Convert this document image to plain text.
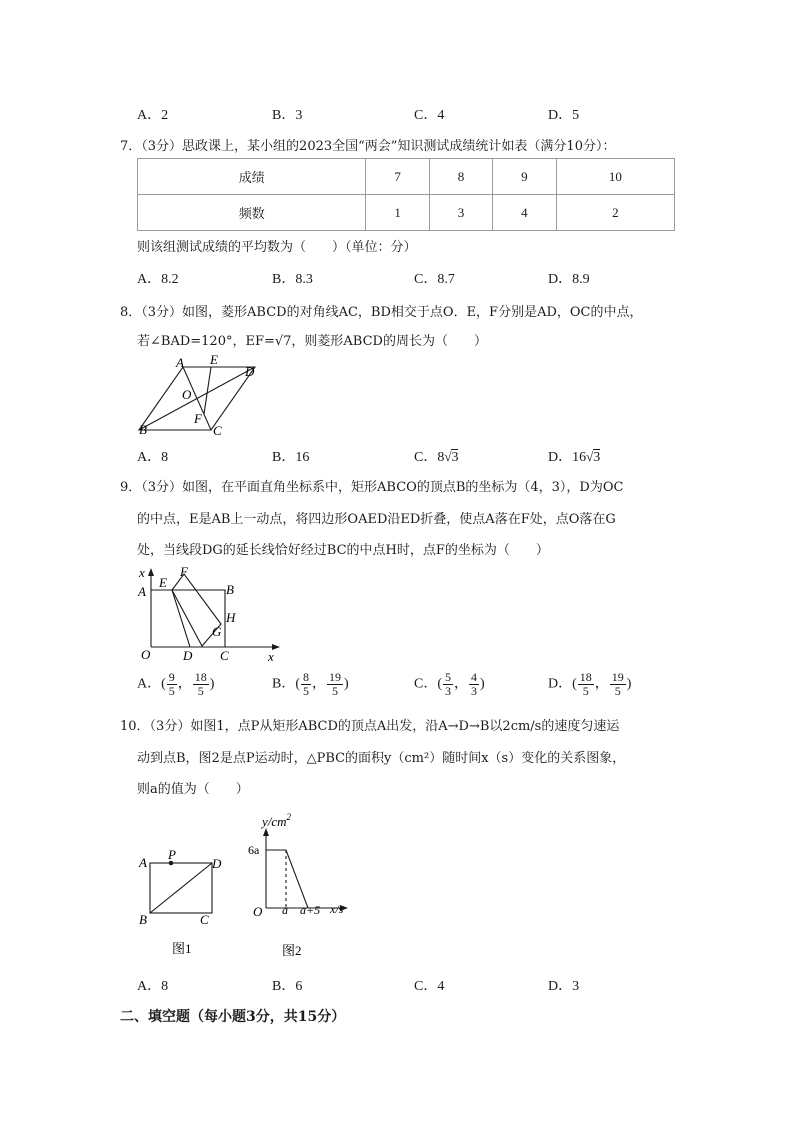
A．2	B．3	C．4	D．5
7．（3分）思政课上，某小组的2023全国“两会”知识测试成绩统计如表（满分10分）：
成绩	7	8	9	10
频数	1	3	4	2
则该组测试成绩的平均数为（　　）（单位：分）
A．8.2	B．8.3	C．8.7	D．8.9
8．（3分）如图，菱形ABCD的对角线AC，BD相交于点O．E，F分别是AD，OC的中点，
若∠BAD=120°，EF=√7，则菱形ABCD的周长为（　　）
A E
D
O
F
B	C
A．8	B．16	C．8√3	D．16√3
9．（3分）如图，在平面直角坐标系中，矩形ABCO的顶点B的坐标为（4，3），D为OC
的中点，E是AB上一动点，将四边形OAED沿ED折叠，使点A落在F处，点O落在G
处，当线段DG的延长线恰好经过BC的中点H时，点F的坐标为（　　）
x	F
E
A	B
H
G
O	D C	x
A．( $\frac{9}{5}$ ， $\frac{18}{5}$ )	B．( $\frac{8}{5}$ ， $\frac{19}{5}$ )	C．( $\frac{5}{3}$ ， $\frac{4}{3}$ )	D．( $\frac{18}{5}$ ， $\frac{19}{5}$ )
10．（3分）如图1，点P从矩形ABCD的顶点A出发，沿A→D→B以2cm/s的速度匀速运
动到点B，图2是点P运动时，△PBC的面积y（cm²）随时间x（s）变化的关系图象，
则a的值为（　　）
A
P
D
B	C
图1
$y/cm^2$
6a
O a a+5 x/s
图2
A．8	B．6	C．4	D．3
二、填空题（每小题3分，共15分）
